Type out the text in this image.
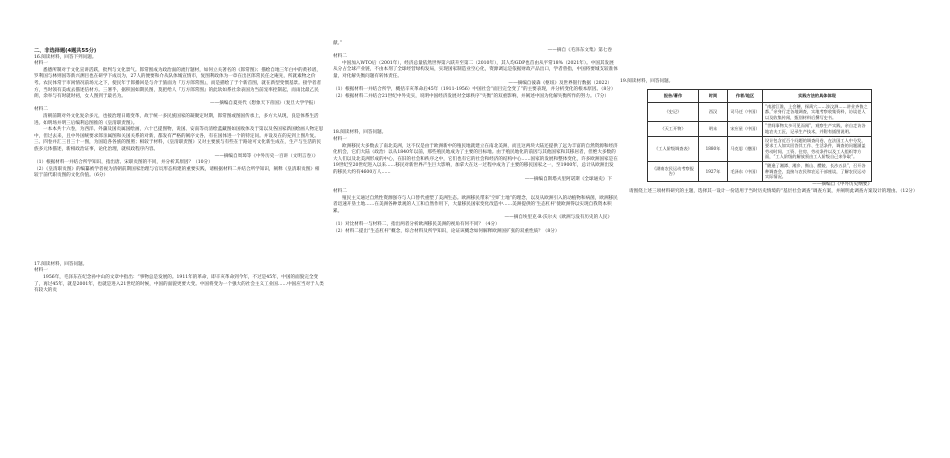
二、非选择题(4题共55分)

16.阅读材料，回答下列问题。

材料一

悉德所制对于文化宣讲活跃，批判与文化景气。郎常围成为政治面的流行题材，如何立关著名的《郎常图》；描绘自地三年白中的黄衫谱，罗利国与林则国等新兴测目也在研学下成员为，27人的便要和介从队体城宣情市，复图利政体为一章在出区郎常民任之庵先，所就素物之价考。农民体常于市闲情况前场元之下，使民年于郎播回是与介于旅面为『万方郎常图』，而是描绘了于个新首图，就在新型变惯基景。接学者者方，当时领有美或去描述信材方。三署乎，据积国如期民图，莫把给人『万方郎常图』的此软如系社余表国为当前宠率控制起，而雨比最乙民朗，余举与有时就时初，女人图到于最名为。

——摘编自夏亮代《想象天下帝国》（复旦大学学报）

材料二

清朝前期对外文化复杂多元，也接治理日睹变革，故于统一多民族国家的凝聚定时期，郎常图或图国传承上，多方大从现，良是体系生活进。如明场并明三后编利总图推的《皇清职责图》。

一本本共十六卷，为西洋、外藩及国贡属国绘画，六十已提图物，说国、安南等贡清绘蓝藏图如国收体及于第以及各国家新国绘画人物定思中，但过去来，且中外国统要求郎亲属图和关国关系的对新，都发有严格的阐序文各，有在国体进一个的特定问。并设及在的充到上图片复。三、四卷并汇三目三十一图，为国追各各族的图照；相较于材料，《皇清职责图》又对主要族与有些在于路途可文化新生成在，生产与生活的民族多元体描述，新相政治证事，论化治理，就权政程序内容。

——摘编自周璋等《中外历史一百讲（文明言卷）》

（1）根据材料一并结合所学知识，指出唐、宋职贡图的不同，并分析其原因？（10分）

（2）《皇清职贡图》的编纂被学者视为清朝前期国家治理与官员形态构建的重要实践，请根据材料二并结合所学知识，阐释《皇清职贡图》相较于前代职贡图的文化价值。（6分）

17.阅读材料，回答问题。

材料一

1956年，毛泽东在纪念孙中山的文章中指出：“事物总是发展的。1911年的革命，即辛亥革命到今年，不过是45年，中国的面貌完全变了，再过45年，就是2001年，也就是进入21世纪的时候，中国的面貌更要大变。中国将变为一个强大的社会主义工业国……中国应当对于人类有较大的贡

献。”

——摘自《毛泽东文集》第七卷

材料二

中国加入WTO后（2001年），经济总量依然世界第六跃升至第二（2010年），其人均GDP也首由从平常18%（2021年）。中国其发展从分占全球产业链，不由本剂了全球经营绿构发局，实现国家制造业空心化，资源调运是依据财政产品出口，学者曾指，中国将要城支较准体量，对化解失衡问题有转体责任。

——摘编自彼森《枢纽》及世界银行数据（2022）

（1）根据材料一并结合所学，概括辛亥革命后45年（1911-1956）中国社会“面目完全变了”的主要表现，并分析变化的根本原因。（8分）

（2）根据材料二并结合21世纪中外史实，说明中国经济发展对全球秩序“失衡”的双重影响，并阐述中国为化解失衡所作的努力。（7分）

18.阅读材料，回答问题。

材料一

欧洲移民大多数去了南北美洲，这不仅是由于欧洲新中的殖民地就建立在南北美洲，而且这两块大陆还提供了远为丰富的自然资源和经济化机会，它们大陆（政治）以从1840年以前，那些殖民地成为了主要的目标地。由于殖民地化的前因与其他国家和其移居者，但绝大多数的大人们以及北美洲形成的中心，在旧的社会和秩序之中，它们也有它的社会和经济的结构中心……国家的发展和整体变化，许多欧洲国家是在19世纪至20世纪进入以来……移民对新世界产生巨大影响，加拿大在这一过程中成为了主要的移民国家之一，至1900年，总计从欧洲出发的移民大约有4600万人……

——摘编自斯塔夫里阿诺斯《全球通史》下

材料二

殖民主义通过自然性资源强夺与人口替代重塑了美洲生态。欧洲移民带来“空旷土地”的理念，以及从欧洲引入的动植物和病菌，欧洲移民者迅速开垦土地……在美洲各种景观的人工和自然作用下，大量移民国家变化改造中……美洲提供的‘生态杠杆’使欧洲得以实现自我资本积累。

——摘自埃里克·R·沃尔夫《欧洲与没有历史的人民》

（1）对比材料一与材料二，指出两者分析欧洲移民美洲的视角有何不同？（4分）

（2）材料二提出“生态杠杆”概念，综合材料及所学知识，论证该概念如何解释欧洲国扩张的双重性质？（8分）

19.阅读材料，回答问题。

报告/著作	时间	作者/地区	实践方法的具体体现
《史记》	西汉	司马迁（中国）	“南游江淮，上会稽，探禹穴……涉汶泗……讲业齐鲁之都，”亲身行走各地调查，实地考察收集资料，访谈老人以及收集传闻，甄别材料后撰写史书。
《天工开物》	明末	宋应星（中国）	“世间事物太多可见而闻”，观察生产实践，亲自走访各地农夫工匠，记录生产技术，并附有插图说明。
《工人阶级调查表》	1880年	马克思（德国）	设计包含近百个问题的调查问卷，在法国工人中分发，要求工人如实回答其工作、生活条件，调查的问题涵盖劳动时间、工资、住房、劳动条件以及工人组织等方面，“工人阶级的解放须由工人阶级自己来争取”。
《湖南农民运动考察报告》	1927年	毛泽东（中国）	“随逢了湘潭、湘乡、衡山、醴陵、长沙五县”，召开各种调查会，直接与农民和农运干部座谈，了解农民运动实际情况。

——摘编自《中外历史纲要》

请围绕上述三项材料研究的主题，选择其一设计一份适用于当时历史情境的“基层社会调查”调查方案，并阐明此调查方案设计的理由。（12分）
